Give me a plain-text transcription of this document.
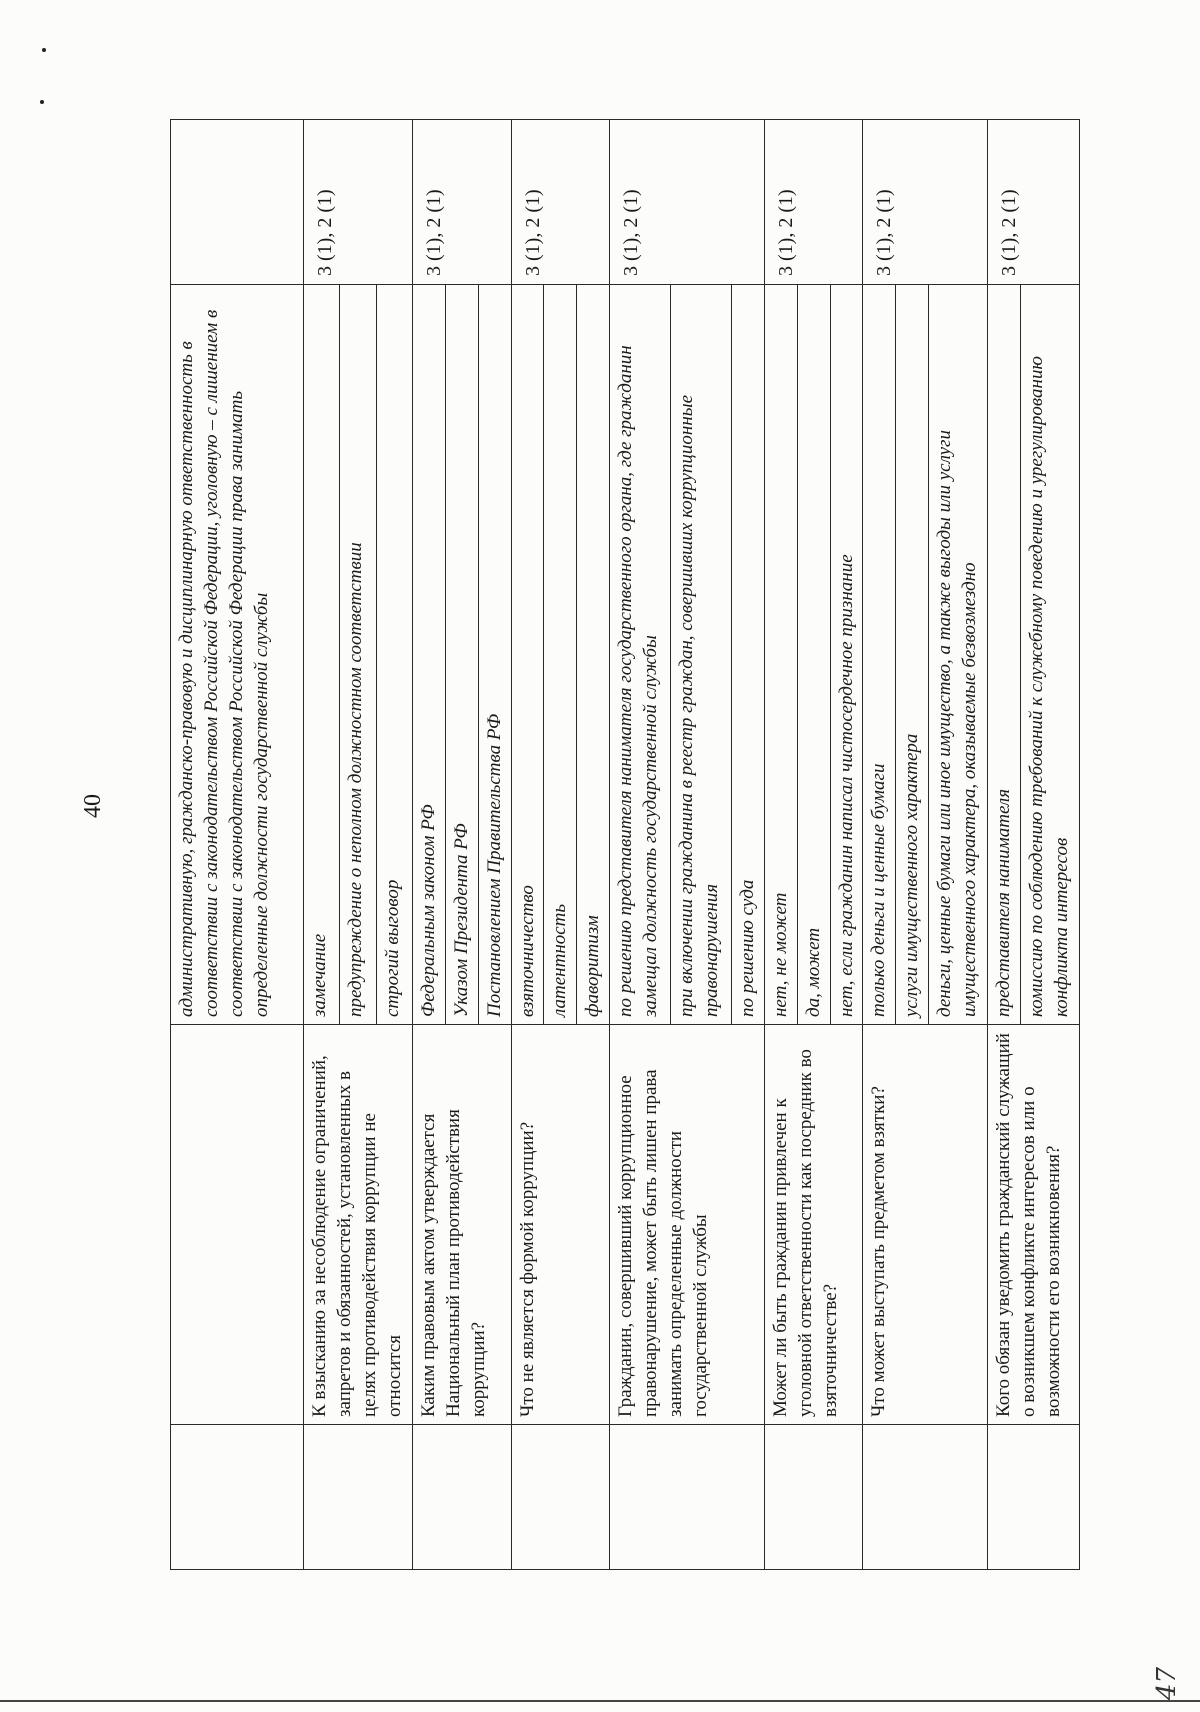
40
47
		административную, гражданско-правовую и дисциплинарную ответственность в соответствии с законодательством Российской Федерации, уголовную – с лишением в соответствии с законодательством Российской Федерации права занимать определенные должности государственной службы	
	К взысканию за несоблюдение ограничений, запретов и обязанностей, установленных в целях противодействия коррупции не относится	замечание	3 (1), 2 (1)
		предупреждение о неполном должностном соответствии	
		строгий выговор	
	Каким правовым актом утверждается Национальный план противодействия коррупции?	Федеральным законом РФ	3 (1), 2 (1)
		Указом Президента РФ	
		Постановлением Правительства РФ	
	Что не является формой коррупции?	взяточничество	3 (1), 2 (1)
		латентность	
		фаворитизм	
	Гражданин, совершивший коррупционное правонарушение, может быть лишен права занимать определенные должности государственной службы	по решению представителя нанимателя государственного органа, где гражданин замещал должность государственной службы	3 (1), 2 (1)
		при включении гражданина в реестр граждан, совершивших коррупционные правонарушения	
		по решению суда	
	Может ли быть гражданин привлечен к уголовной ответственности как посредник во взяточничестве?	нет, не может	3 (1), 2 (1)
		да, может	
		нет, если гражданин написал чистосердечное признание	
	Что может выступать предметом взятки?	только деньги и ценные бумаги	3 (1), 2 (1)
		услуги имущественного характера	
		деньги, ценные бумаги или иное имущество, а также выгоды или услуги имущественного характера, оказываемые безвозмездно	
	Кого обязан уведомить гражданский служащий о возникшем конфликте интересов или о возможности его возникновения?	представителя нанимателя	3 (1), 2 (1)
		комиссию по соблюдению требований к служебному поведению и урегулированию конфликта интересов	
